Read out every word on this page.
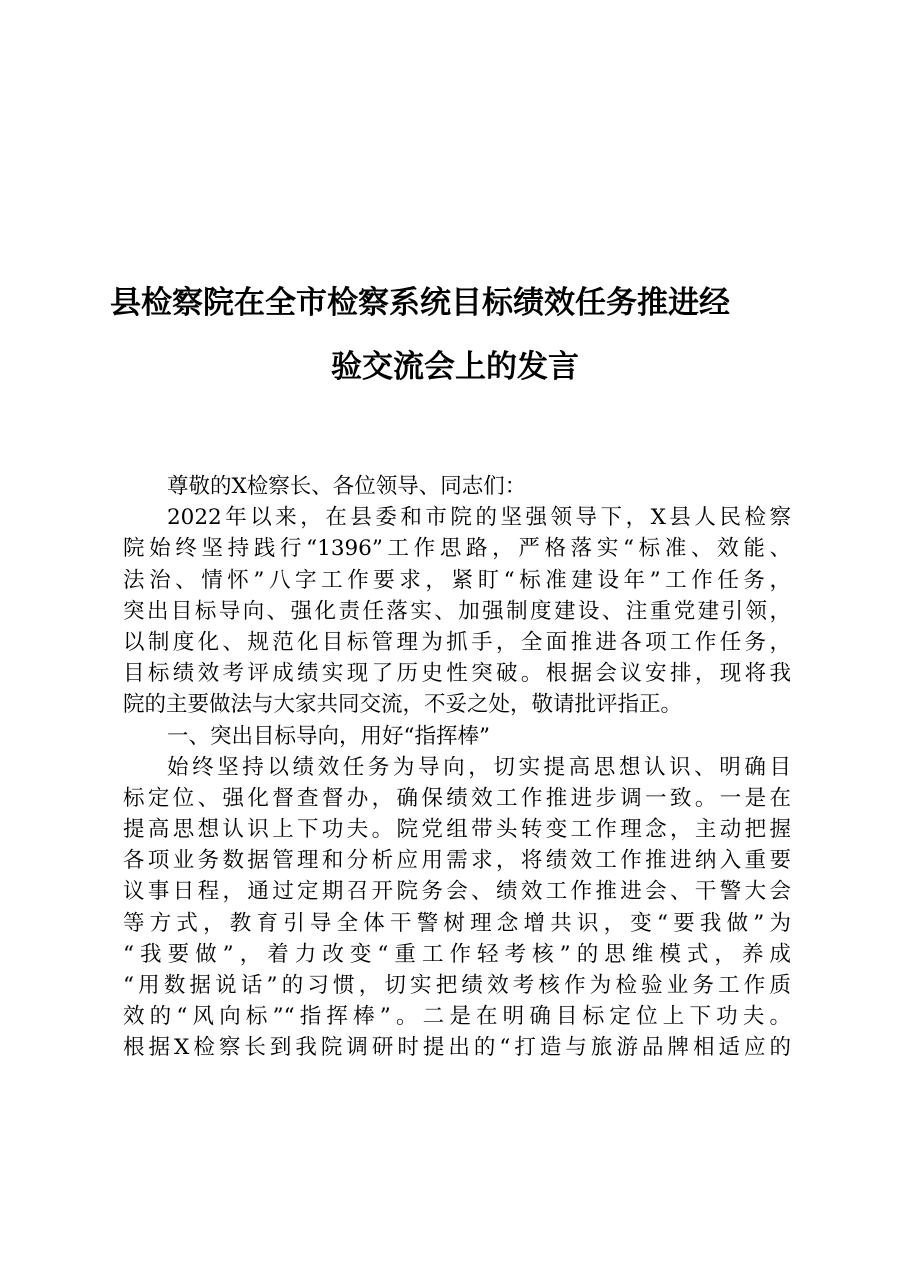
县检察院在全市检察系统目标绩效任务推进经
验交流会上的发言
尊敬的X检察长、各位领导、同志们：
2022年以来，在县委和市院的坚强领导下，X县人民检察
院始终坚持践行“1396”工作思路，严格落实“标准、效能、
法治、情怀”八字工作要求，紧盯“标准建设年”工作任务，
突出目标导向、强化责任落实、加强制度建设、注重党建引领，
以制度化、规范化目标管理为抓手，全面推进各项工作任务，
目标绩效考评成绩实现了历史性突破。根据会议安排，现将我
院的主要做法与大家共同交流，不妥之处，敬请批评指正。
一、突出目标导向，用好“指挥棒”
始终坚持以绩效任务为导向，切实提高思想认识、明确目
标定位、强化督查督办，确保绩效工作推进步调一致。一是在
提高思想认识上下功夫。院党组带头转变工作理念，主动把握
各项业务数据管理和分析应用需求，将绩效工作推进纳入重要
议事日程，通过定期召开院务会、绩效工作推进会、干警大会
等方式，教育引导全体干警树理念增共识，变“要我做”为
“我要做”，着力改变“重工作轻考核”的思维模式，养成
“用数据说话”的习惯，切实把绩效考核作为检验业务工作质
效的“风向标”“指挥棒”。二是在明确目标定位上下功夫。
根据X检察长到我院调研时提出的“打造与旅游品牌相适应的
